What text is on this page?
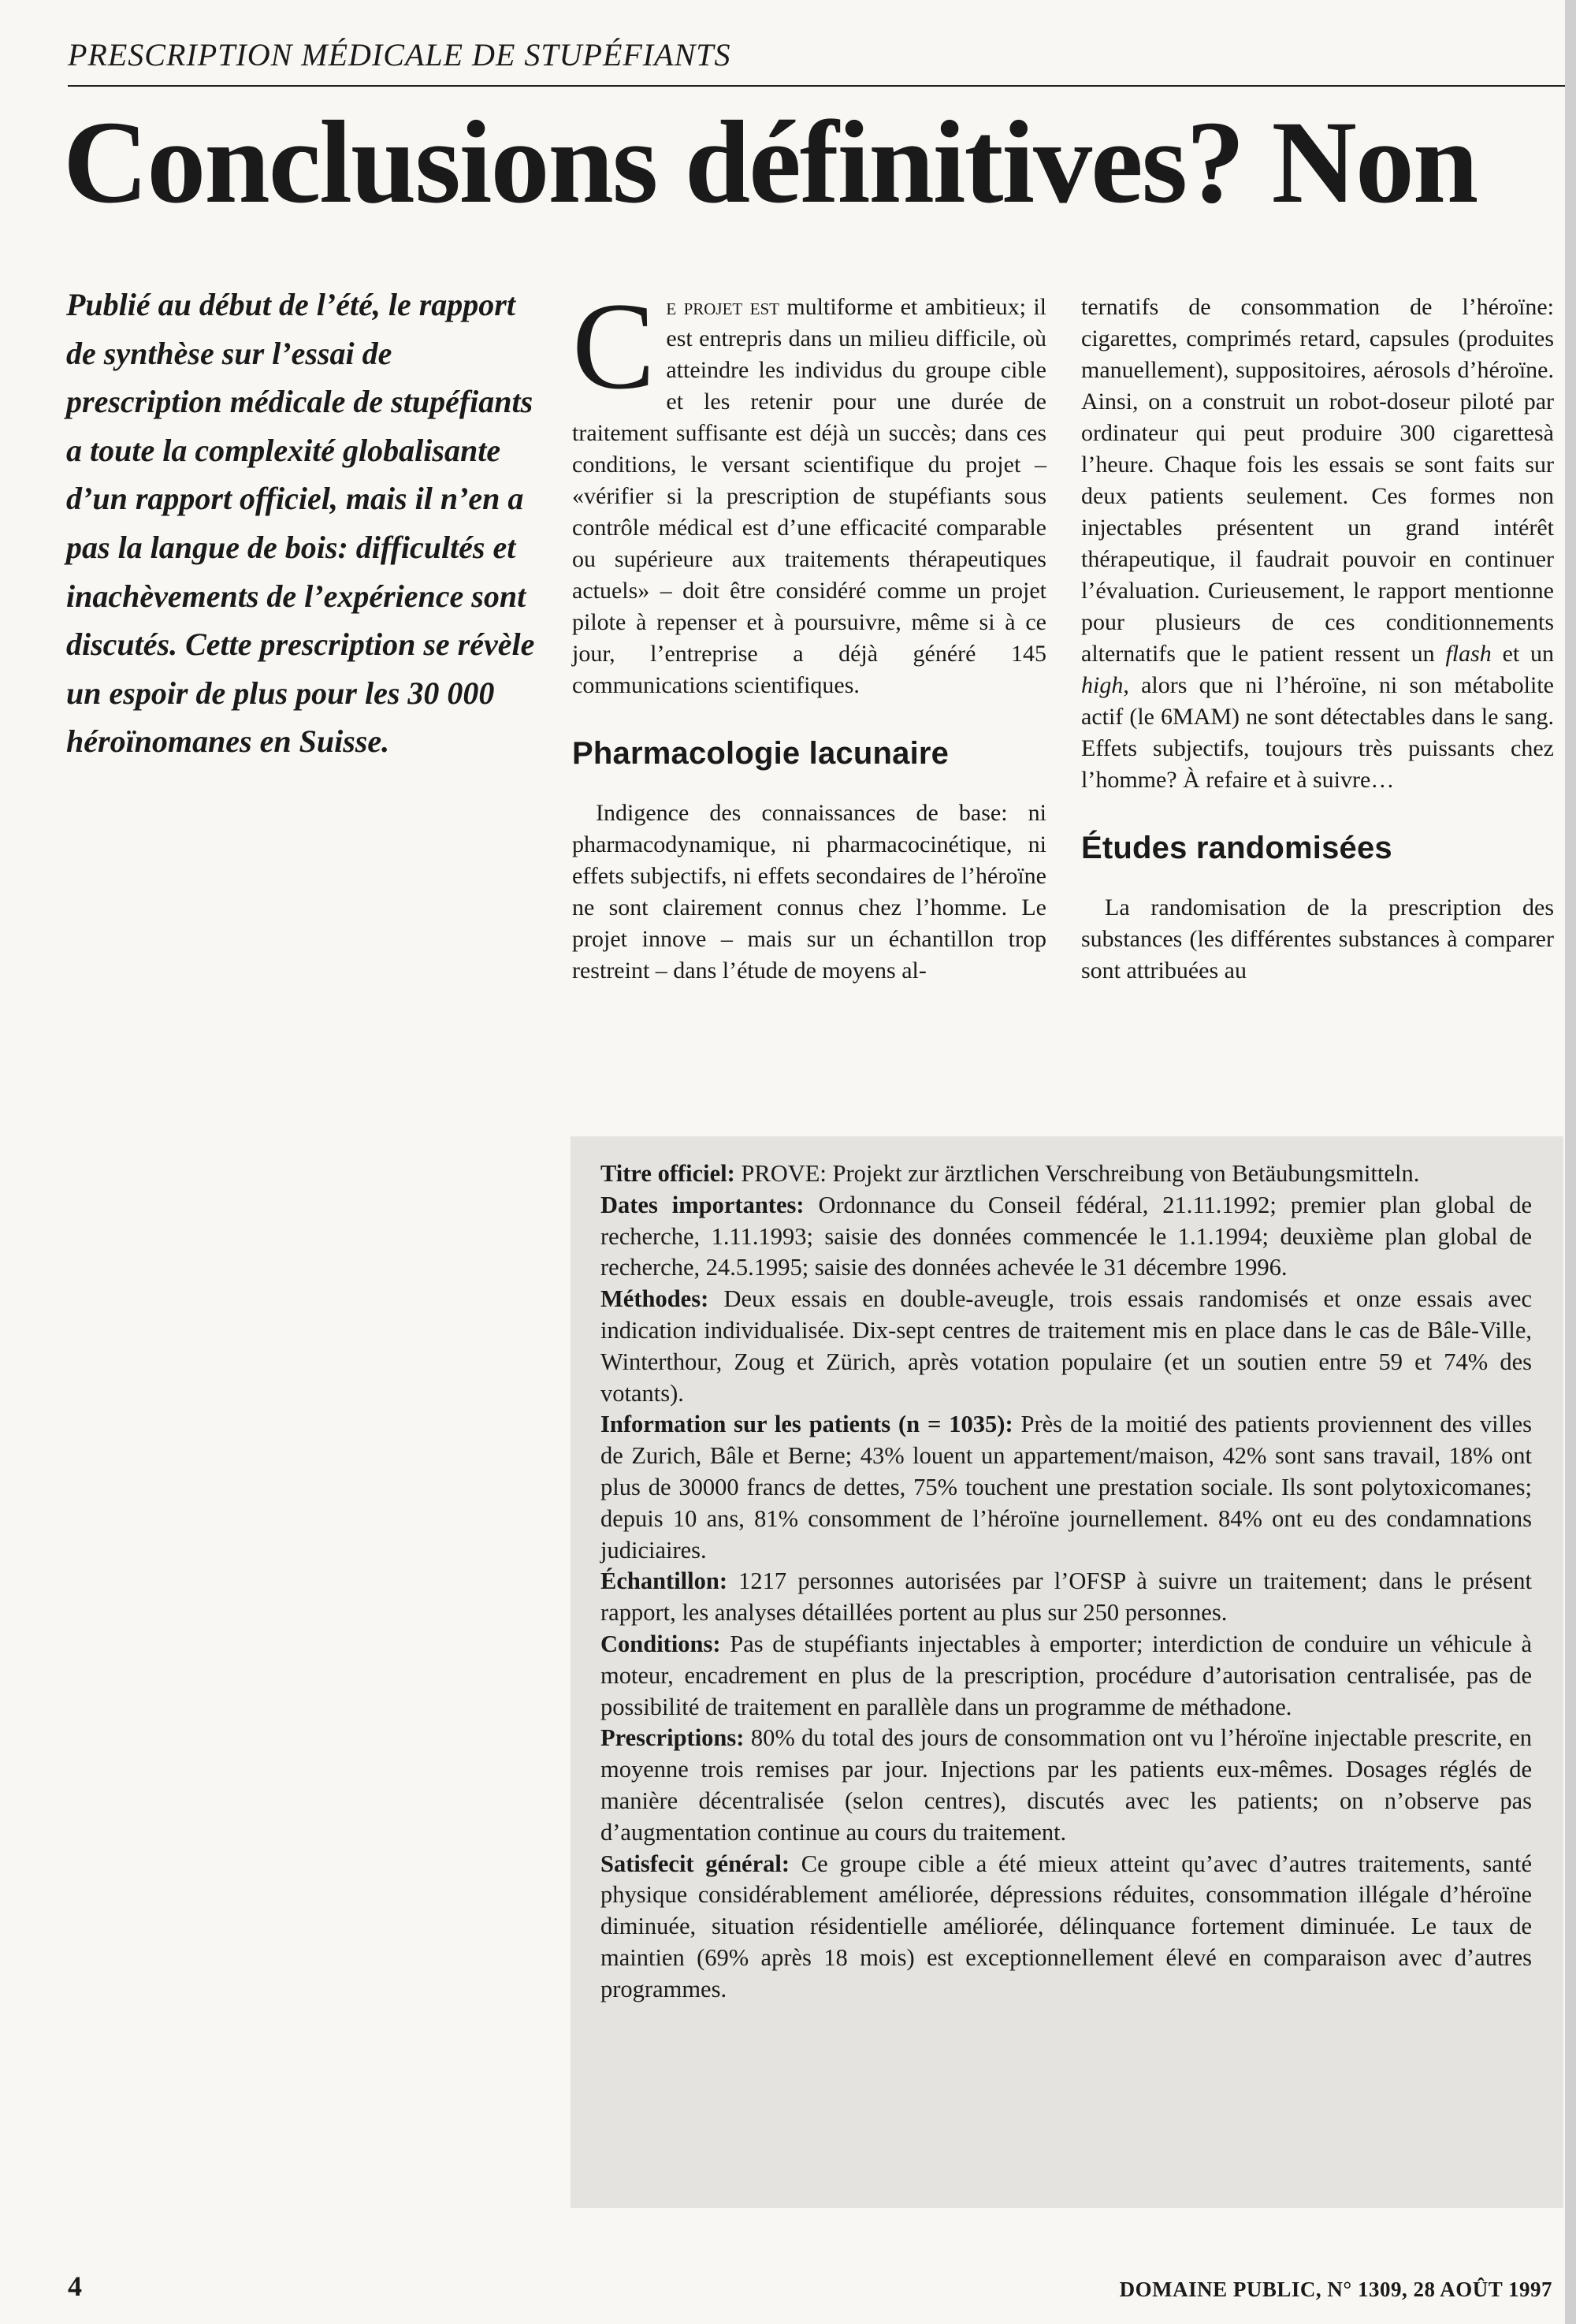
PRESCRIPTION MÉDICALE DE STUPÉFIANTS
Conclusions définitives? Non
Publié au début de l’été, le rapport de synthèse sur l’essai de prescription médicale de stupéfiants a toute la complexité globalisante d’un rapport officiel, mais il n’en a pas la langue de bois: difficultés et inachèvements de l’expérience sont discutés. Cette prescription se révèle un espoir de plus pour les 30 000 héroïnomanes en Suisse.

Ce projet est multiforme et ambitieux; il est entrepris dans un milieu difficile, où atteindre les individus du groupe cible et les retenir pour une durée de traitement suffisante est déjà un succès; dans ces conditions, le versant scientifique du projet – «vérifier si la prescription de stupéfiants sous contrôle médical est d’une efficacité comparable ou supérieure aux traitements thérapeutiques actuels» – doit être considéré comme un projet pilote à repenser et à poursuivre, même si à ce jour, l’entreprise a déjà généré 145 communications scientifiques.

Pharmacologie lacunaire

Indigence des connaissances de base: ni pharmacodynamique, ni pharmacocinétique, ni effets subjectifs, ni effets secondaires de l’héroïne ne sont clairement connus chez l’homme. Le projet innove – mais sur un échantillon trop restreint – dans l’étude de moyens al-

ternatifs de consommation de l’héroïne: cigarettes, comprimés retard, capsules (produites manuellement), suppositoires, aérosols d’héroïne. Ainsi, on a construit un robot-doseur piloté par ordinateur qui peut produire 300 cigarettesà l’heure. Chaque fois les essais se sont faits sur deux patients seulement. Ces formes non injectables présentent un grand intérêt thérapeutique, il faudrait pouvoir en continuer l’évaluation. Curieusement, le rapport mentionne pour plusieurs de ces conditionnements alternatifs que le patient ressent un flash et un high, alors que ni l’héroïne, ni son métabolite actif (le 6MAM) ne sont détectables dans le sang. Effets subjectifs, toujours très puissants chez l’homme? À refaire et à suivre…

Études randomisées

La randomisation de la prescription des substances (les différentes substances à comparer sont attribuées au

Titre officiel: PROVE: Projekt zur ärztlichen Verschreibung von Betäubungsmitteln.

Dates importantes: Ordonnance du Conseil fédéral, 21.11.1992; premier plan global de recherche, 1.11.1993; saisie des données commencée le 1.1.1994; deuxième plan global de recherche, 24.5.1995; saisie des données achevée le 31 décembre 1996.

Méthodes: Deux essais en double-aveugle, trois essais randomisés et onze essais avec indication individualisée. Dix-sept centres de traitement mis en place dans le cas de Bâle-Ville, Winterthour, Zoug et Zürich, après votation populaire (et un soutien entre 59 et 74% des votants).

Information sur les patients (n = 1035): Près de la moitié des patients proviennent des villes de Zurich, Bâle et Berne; 43% louent un appartement/maison, 42% sont sans travail, 18% ont plus de 30000 francs de dettes, 75% touchent une prestation sociale. Ils sont polytoxicomanes; depuis 10 ans, 81% consomment de l’héroïne journellement. 84% ont eu des condamnations judiciaires.

Échantillon: 1217 personnes autorisées par l’OFSP à suivre un traitement; dans le présent rapport, les analyses détaillées portent au plus sur 250 personnes.

Conditions: Pas de stupéfiants injectables à emporter; interdiction de conduire un véhicule à moteur, encadrement en plus de la prescription, procédure d’autorisation centralisée, pas de possibilité de traitement en parallèle dans un programme de méthadone.

Prescriptions: 80% du total des jours de consommation ont vu l’héroïne injectable prescrite, en moyenne trois remises par jour. Injections par les patients eux-mêmes. Dosages réglés de manière décentralisée (selon centres), discutés avec les patients; on n’observe pas d’augmentation continue au cours du traitement.

Satisfecit général: Ce groupe cible a été mieux atteint qu’avec d’autres traitements, santé physique considérablement améliorée, dépressions réduites, consommation illégale d’héroïne diminuée, situation résidentielle améliorée, délinquance fortement diminuée. Le taux de maintien (69% après 18 mois) est exceptionnellement élevé en comparaison avec d’autres programmes.

4	DOMAINE PUBLIC, N° 1309, 28 AOÛT 1997
